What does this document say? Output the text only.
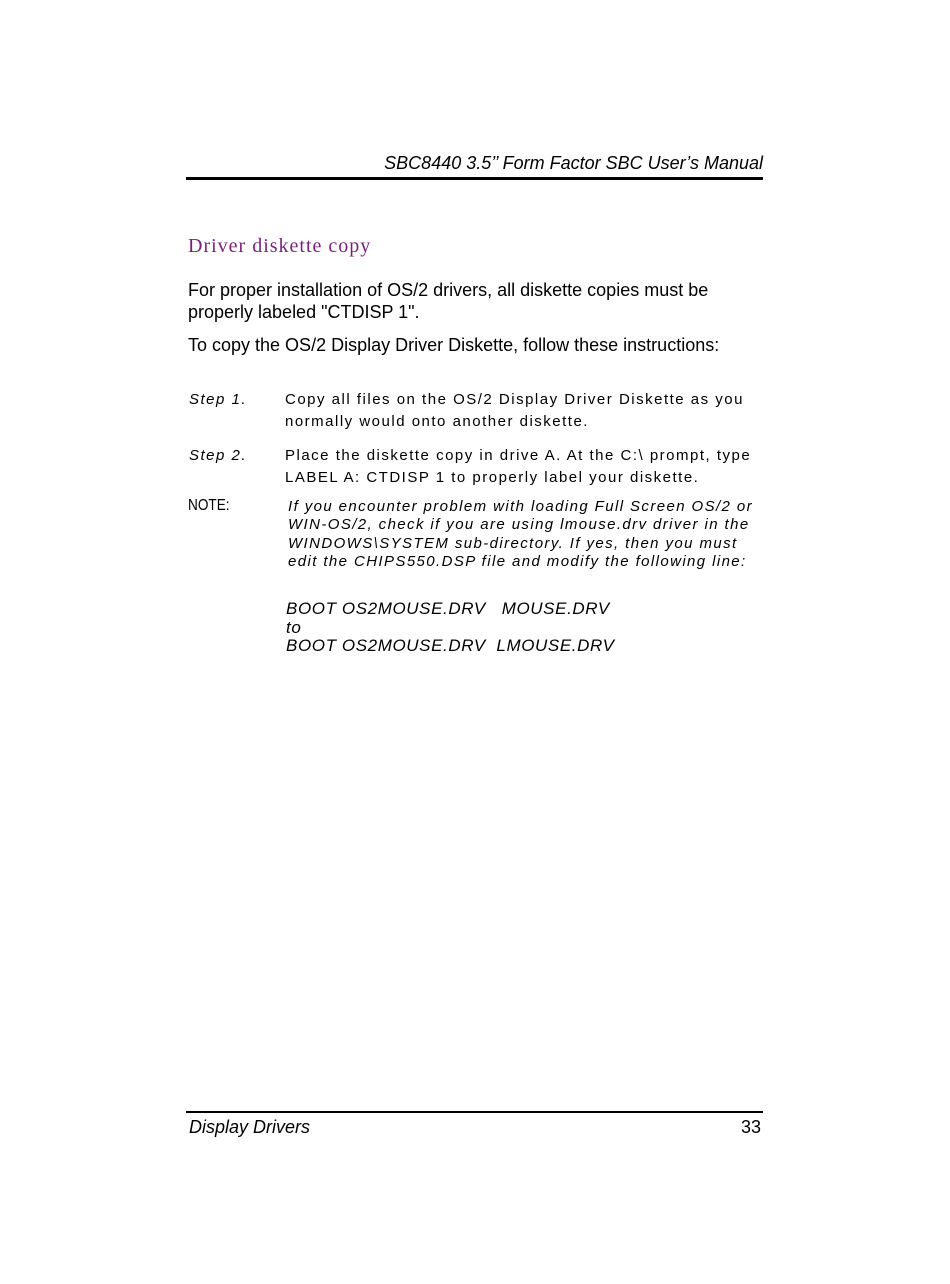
SBC8440 3.5’’ Form Factor SBC User’s Manual
Driver diskette copy
For proper installation of OS/2 drivers, all diskette copies must be properly labeled "CTDISP 1".
To copy the OS/2 Display Driver Diskette, follow these instructions:
Step 1.	Copy all files on the OS/2 Display Driver Diskette as you normally would onto another diskette.
Step 2.	Place the diskette copy in drive A. At the C:\ prompt, type LABEL A: CTDISP 1 to properly label your diskette.
NOTE:	If you encounter problem with loading Full Screen OS/2 or WIN-OS/2, check if you are using lmouse.drv driver in the WINDOWS\SYSTEM sub-directory. If yes, then you must edit the CHIPS550.DSP file and modify the following line:
BOOT OS2MOUSE.DRV   MOUSE.DRV
to
BOOT OS2MOUSE.DRV  LMOUSE.DRV
Display Drivers	33
